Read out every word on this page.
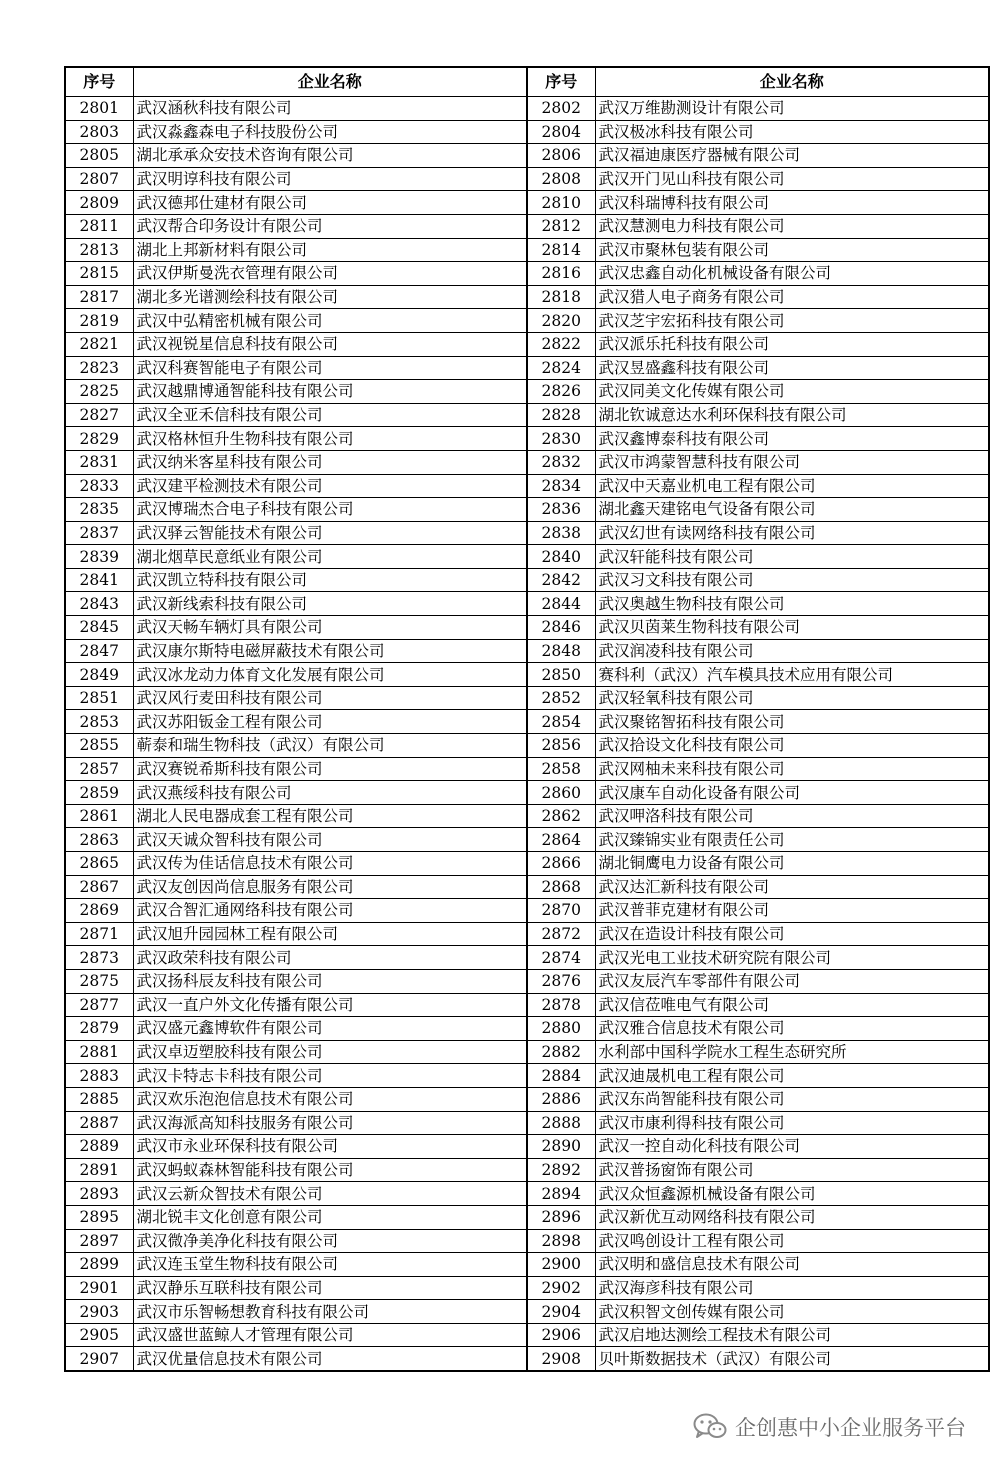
序号	企业名称	序号	企业名称
2801	武汉涵秋科技有限公司	2802	武汉万维勘测设计有限公司
2803	武汉淼鑫森电子科技股份公司	2804	武汉极冰科技有限公司
2805	湖北承承众安技术咨询有限公司	2806	武汉福迪康医疗器械有限公司
2807	武汉明谆科技有限公司	2808	武汉开门见山科技有限公司
2809	武汉德邦仕建材有限公司	2810	武汉科瑞博科技有限公司
2811	武汉帮合印务设计有限公司	2812	武汉慧测电力科技有限公司
2813	湖北上邦新材料有限公司	2814	武汉市聚林包装有限公司
2815	武汉伊斯曼洗衣管理有限公司	2816	武汉忠鑫自动化机械设备有限公司
2817	湖北多光谱测绘科技有限公司	2818	武汉猎人电子商务有限公司
2819	武汉中弘精密机械有限公司	2820	武汉芝宇宏拓科技有限公司
2821	武汉视锐星信息科技有限公司	2822	武汉派乐托科技有限公司
2823	武汉科赛智能电子有限公司	2824	武汉昱盛鑫科技有限公司
2825	武汉越鼎博通智能科技有限公司	2826	武汉同美文化传媒有限公司
2827	武汉全亚禾信科技有限公司	2828	湖北钦诚意达水利环保科技有限公司
2829	武汉格林恒升生物科技有限公司	2830	武汉鑫博泰科技有限公司
2831	武汉纳米客星科技有限公司	2832	武汉市鸿蒙智慧科技有限公司
2833	武汉建平检测技术有限公司	2834	武汉中天嘉业机电工程有限公司
2835	武汉博瑞杰合电子科技有限公司	2836	湖北鑫天建铭电气设备有限公司
2837	武汉驿云智能技术有限公司	2838	武汉幻世有读网络科技有限公司
2839	湖北烟草民意纸业有限公司	2840	武汉轩能科技有限公司
2841	武汉凯立特科技有限公司	2842	武汉习文科技有限公司
2843	武汉新线索科技有限公司	2844	武汉奥越生物科技有限公司
2845	武汉天畅车辆灯具有限公司	2846	武汉贝茵莱生物科技有限公司
2847	武汉康尔斯特电磁屏蔽技术有限公司	2848	武汉润凌科技有限公司
2849	武汉冰龙动力体育文化发展有限公司	2850	赛科利（武汉）汽车模具技术应用有限公司
2851	武汉风行麦田科技有限公司	2852	武汉轻氧科技有限公司
2853	武汉苏阳钣金工程有限公司	2854	武汉聚铭智拓科技有限公司
2855	蕲泰和瑞生物科技（武汉）有限公司	2856	武汉拾设文化科技有限公司
2857	武汉赛锐希斯科技有限公司	2858	武汉网柚未来科技有限公司
2859	武汉燕绥科技有限公司	2860	武汉康车自动化设备有限公司
2861	湖北人民电器成套工程有限公司	2862	武汉呷洛科技有限公司
2863	武汉天诚众智科技有限公司	2864	武汉臻锦实业有限责任公司
2865	武汉传为佳话信息技术有限公司	2866	湖北铜鹰电力设备有限公司
2867	武汉友创因尚信息服务有限公司	2868	武汉达汇新科技有限公司
2869	武汉合智汇通网络科技有限公司	2870	武汉普菲克建材有限公司
2871	武汉旭升园园林工程有限公司	2872	武汉在造设计科技有限公司
2873	武汉政荣科技有限公司	2874	武汉光电工业技术研究院有限公司
2875	武汉扬科辰友科技有限公司	2876	武汉友辰汽车零部件有限公司
2877	武汉一直户外文化传播有限公司	2878	武汉信莅唯电气有限公司
2879	武汉盛元鑫博软件有限公司	2880	武汉雅合信息技术有限公司
2881	武汉卓迈塑胶科技有限公司	2882	水利部中国科学院水工程生态研究所
2883	武汉卡特志卡科技有限公司	2884	武汉迪晟机电工程有限公司
2885	武汉欢乐泡泡信息技术有限公司	2886	武汉东尚智能科技有限公司
2887	武汉海派高知科技服务有限公司	2888	武汉市康利得科技有限公司
2889	武汉市永业环保科技有限公司	2890	武汉一控自动化科技有限公司
2891	武汉蚂蚁森林智能科技有限公司	2892	武汉普扬窗饰有限公司
2893	武汉云新众智技术有限公司	2894	武汉众恒鑫源机械设备有限公司
2895	湖北锐丰文化创意有限公司	2896	武汉新优互动网络科技有限公司
2897	武汉微净美净化科技有限公司	2898	武汉鸣创设计工程有限公司
2899	武汉连玉堂生物科技有限公司	2900	武汉明和盛信息技术有限公司
2901	武汉静乐互联科技有限公司	2902	武汉海彦科技有限公司
2903	武汉市乐智畅想教育科技有限公司	2904	武汉积智文创传媒有限公司
2905	武汉盛世蓝鲸人才管理有限公司	2906	武汉启地达测绘工程技术有限公司
2907	武汉优量信息技术有限公司	2908	贝叶斯数据技术（武汉）有限公司
企创惠中小企业服务平台
